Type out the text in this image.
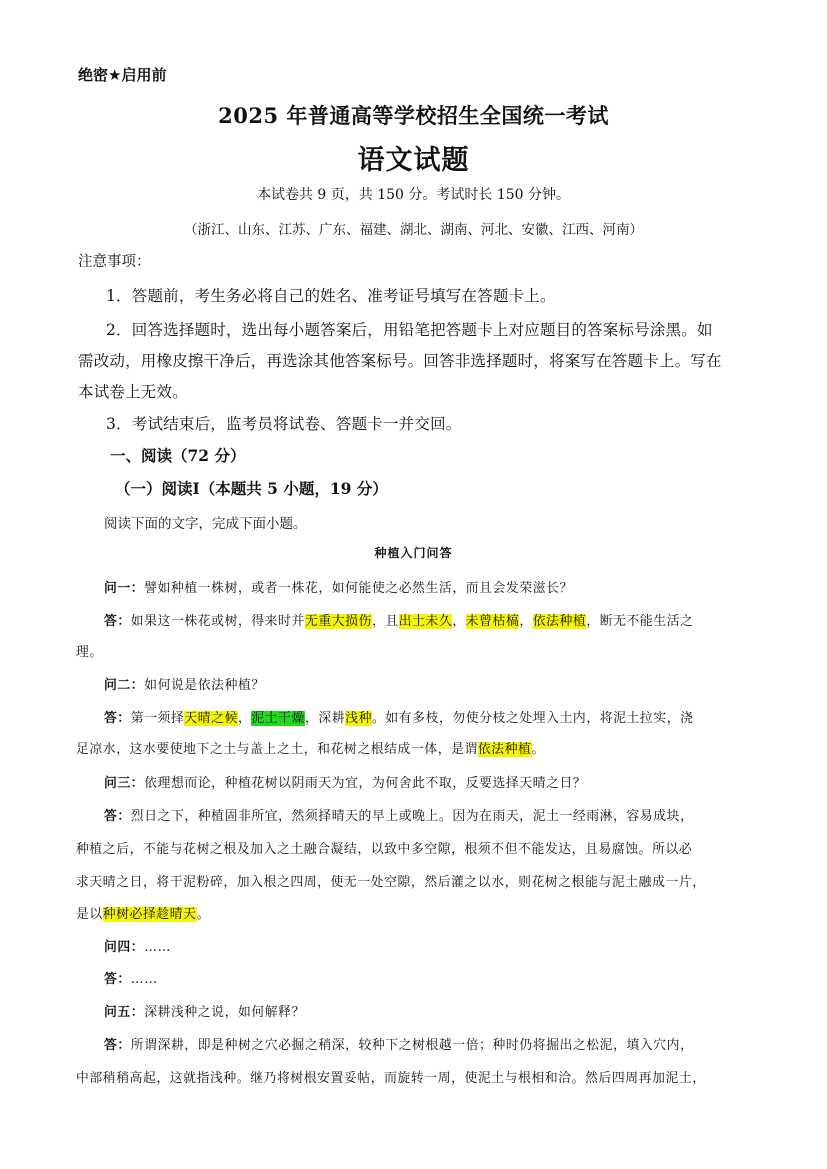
绝密★启用前
2025 年普通高等学校招生全国统一考试
语文试题
本试卷共 9 页，共 150 分。考试时长 150 分钟。
（浙江、山东、江苏、广东、福建、湖北、湖南、河北、安徽、江西、河南）
注意事项：
1．答题前，考生务必将自己的姓名、准考证号填写在答题卡上。
2．回答选择题时，选出每小题答案后，用铅笔把答题卡上对应题目的答案标号涂黑。如
需改动，用橡皮擦干净后，再选涂其他答案标号。回答非选择题时，将案写在答题卡上。写在
本试卷上无效。
3．考试结束后，监考员将试卷、答题卡一并交回。
一、阅读（72 分）
（一）阅读Ⅰ（本题共 5 小题，19 分）
阅读下面的文字，完成下面小题。
种植入门问答
问一：譬如种植一株树，或者一株花，如何能使之必然生活，而且会发荣滋长？
答：如果这一株花或树，得来时并无重大损伤，且出土未久，未曾枯槁，依法种植，断无不能生活之
理。
问二：如何说是依法种植？
答：第一须择天晴之候，泥土干燥，深耕浅种。如有多枝，勿使分枝之处埋入土内，将泥土拉实，浇
足凉水，这水要使地下之土与盖上之土，和花树之根结成一体，是谓依法种植。
问三：依理想而论，种植花树以阴雨天为宜，为何舍此不取，反要选择天晴之日？
答：烈日之下，种植固非所宜，然须择晴天的早上或晚上。因为在雨天，泥土一经雨淋，容易成块，
种植之后，不能与花树之根及加入之土融合凝结，以致中多空隙，根须不但不能发达，且易腐蚀。所以必
求天晴之日，将干泥粉碎，加入根之四周，使无一处空隙，然后灌之以水，则花树之根能与泥土融成一片，
是以种树必择趁晴天。
问四：……
答：……
问五：深耕浅种之说，如何解释？
答：所谓深耕，即是种树之穴必掘之稍深，较种下之树根越一倍；种时仍将掘出之松泥，填入穴内，
中部稍稍高起，这就指浅种。继乃将树根安置妥帖，而旋转一周，使泥土与根相和洽。然后四周再加泥土，
